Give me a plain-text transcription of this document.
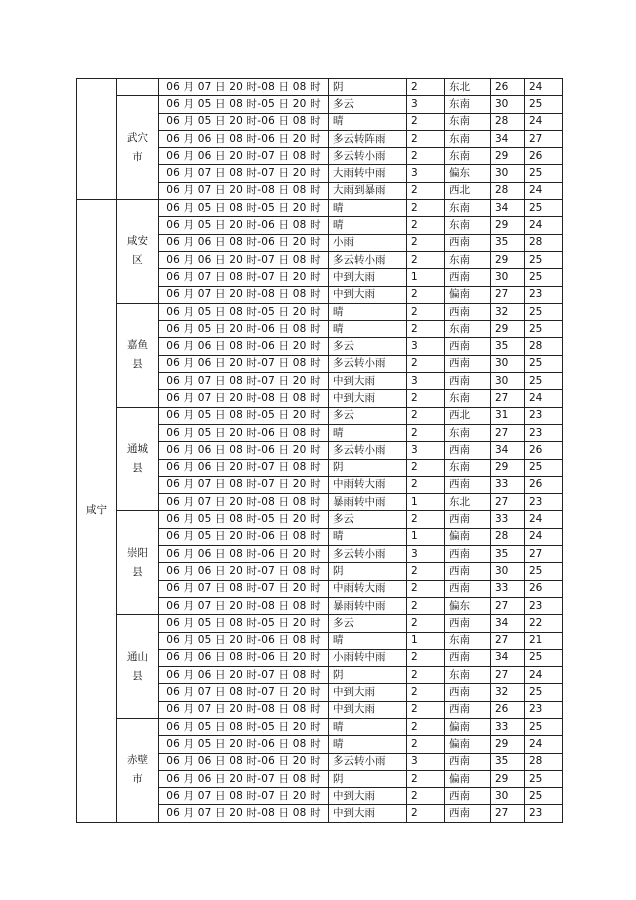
		06 月 07 日 20 时-08 日 08 时	阴	2	东北	26	24
	武穴市	06 月 05 日 08 时-05 日 20 时	多云	3	东南	30	25
		06 月 05 日 20 时-06 日 08 时	晴	2	东南	28	24
		06 月 06 日 08 时-06 日 20 时	多云转阵雨	2	东南	34	27
		06 月 06 日 20 时-07 日 08 时	多云转小雨	2	东南	29	26
		06 月 07 日 08 时-07 日 20 时	大雨转中雨	3	偏东	30	25
		06 月 07 日 20 时-08 日 08 时	大雨到暴雨	2	西北	28	24
咸宁	咸安区	06 月 05 日 08 时-05 日 20 时	晴	2	东南	34	25
		06 月 05 日 20 时-06 日 08 时	晴	2	东南	29	24
		06 月 06 日 08 时-06 日 20 时	小雨	2	西南	35	28
		06 月 06 日 20 时-07 日 08 时	多云转小雨	2	东南	29	25
		06 月 07 日 08 时-07 日 20 时	中到大雨	1	西南	30	25
		06 月 07 日 20 时-08 日 08 时	中到大雨	2	偏南	27	23
	嘉鱼县	06 月 05 日 08 时-05 日 20 时	晴	2	西南	32	25
		06 月 05 日 20 时-06 日 08 时	晴	2	东南	29	25
		06 月 06 日 08 时-06 日 20 时	多云	3	西南	35	28
		06 月 06 日 20 时-07 日 08 时	多云转小雨	2	西南	30	25
		06 月 07 日 08 时-07 日 20 时	中到大雨	3	西南	30	25
		06 月 07 日 20 时-08 日 08 时	中到大雨	2	东南	27	24
	通城县	06 月 05 日 08 时-05 日 20 时	多云	2	西北	31	23
		06 月 05 日 20 时-06 日 08 时	晴	2	东南	27	23
		06 月 06 日 08 时-06 日 20 时	多云转小雨	3	西南	34	26
		06 月 06 日 20 时-07 日 08 时	阴	2	东南	29	25
		06 月 07 日 08 时-07 日 20 时	中雨转大雨	2	西南	33	26
		06 月 07 日 20 时-08 日 08 时	暴雨转中雨	1	东北	27	23
	崇阳县	06 月 05 日 08 时-05 日 20 时	多云	2	西南	33	24
		06 月 05 日 20 时-06 日 08 时	晴	1	偏南	28	24
		06 月 06 日 08 时-06 日 20 时	多云转小雨	3	西南	35	27
		06 月 06 日 20 时-07 日 08 时	阴	2	西南	30	25
		06 月 07 日 08 时-07 日 20 时	中雨转大雨	2	西南	33	26
		06 月 07 日 20 时-08 日 08 时	暴雨转中雨	2	偏东	27	23
	通山县	06 月 05 日 08 时-05 日 20 时	多云	2	西南	34	22
		06 月 05 日 20 时-06 日 08 时	晴	1	东南	27	21
		06 月 06 日 08 时-06 日 20 时	小雨转中雨	2	西南	34	25
		06 月 06 日 20 时-07 日 08 时	阴	2	东南	27	24
		06 月 07 日 08 时-07 日 20 时	中到大雨	2	西南	32	25
		06 月 07 日 20 时-08 日 08 时	中到大雨	2	西南	26	23
	赤壁市	06 月 05 日 08 时-05 日 20 时	晴	2	偏南	33	25
		06 月 05 日 20 时-06 日 08 时	晴	2	偏南	29	24
		06 月 06 日 08 时-06 日 20 时	多云转小雨	3	西南	35	28
		06 月 06 日 20 时-07 日 08 时	阴	2	偏南	29	25
		06 月 07 日 08 时-07 日 20 时	中到大雨	2	西南	30	25
		06 月 07 日 20 时-08 日 08 时	中到大雨	2	西南	27	23
